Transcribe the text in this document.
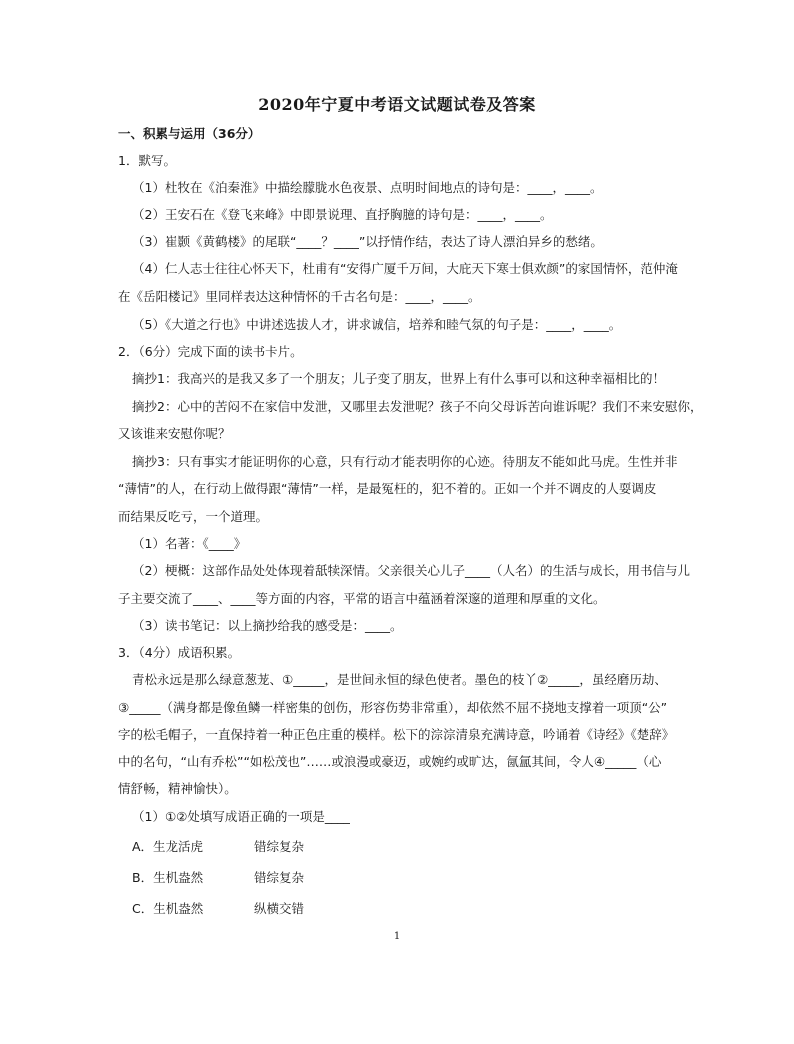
2020年宁夏中考语文试题试卷及答案
一、积累与运用（36分）
1．默写。
（1）杜牧在《泊秦淮》中描绘朦胧水色夜景、点明时间地点的诗句是：____，____。
（2）王安石在《登飞来峰》中即景说理、直抒胸臆的诗句是：____，____。
（3）崔颢《黄鹤楼》的尾联“____？____”以抒情作结，表达了诗人漂泊异乡的愁绪。
（4）仁人志士往往心怀天下，杜甫有“安得广厦千万间，大庇天下寒士俱欢颜”的家国情怀，范仲淹
在《岳阳楼记》里同样表达这种情怀的千古名句是：____，____。
（5）《大道之行也》中讲述选拔人才，讲求诚信，培养和睦气氛的句子是：____，____。
2．（6分）完成下面的读书卡片。
摘抄1：我高兴的是我又多了一个朋友；儿子变了朋友，世界上有什么事可以和这种幸福相比的！
摘抄2：心中的苦闷不在家信中发泄，又哪里去发泄呢？孩子不向父母诉苦向谁诉呢？我们不来安慰你，
又该谁来安慰你呢？
摘抄3：只有事实才能证明你的心意，只有行动才能表明你的心迹。待朋友不能如此马虎。生性并非
“薄情”的人，在行动上做得跟“薄情”一样，是最冤枉的，犯不着的。正如一个并不调皮的人耍调皮
而结果反吃亏，一个道理。
（1）名著：《____》
（2）梗概：这部作品处处体现着舐犊深情。父亲很关心儿子____（人名）的生活与成长，用书信与儿
子主要交流了____、____等方面的内容，平常的语言中蕴涵着深邃的道理和厚重的文化。
（3）读书笔记：以上摘抄给我的感受是：____。
3．（4分）成语积累。
青松永远是那么绿意葱茏、①_____，是世间永恒的绿色使者。墨色的枝丫②_____，虽经磨历劫、
③_____（满身都是像鱼鳞一样密集的创伤，形容伤势非常重），却依然不屈不挠地支撑着一项顶“公”
字的松毛帽子，一直保持着一种正色庄重的模样。松下的淙淙清泉充满诗意，吟诵着《诗经》《楚辞》
中的名句，“山有乔松”“如松茂也”……或浪漫或豪迈，或婉约或旷达，氤氲其间，令人④_____（心
情舒畅，精神愉快）。
（1）①②处填写成语正确的一项是____
A．生龙活虎	错综复杂
B．生机盎然	错综复杂
C．生机盎然	纵横交错
1
